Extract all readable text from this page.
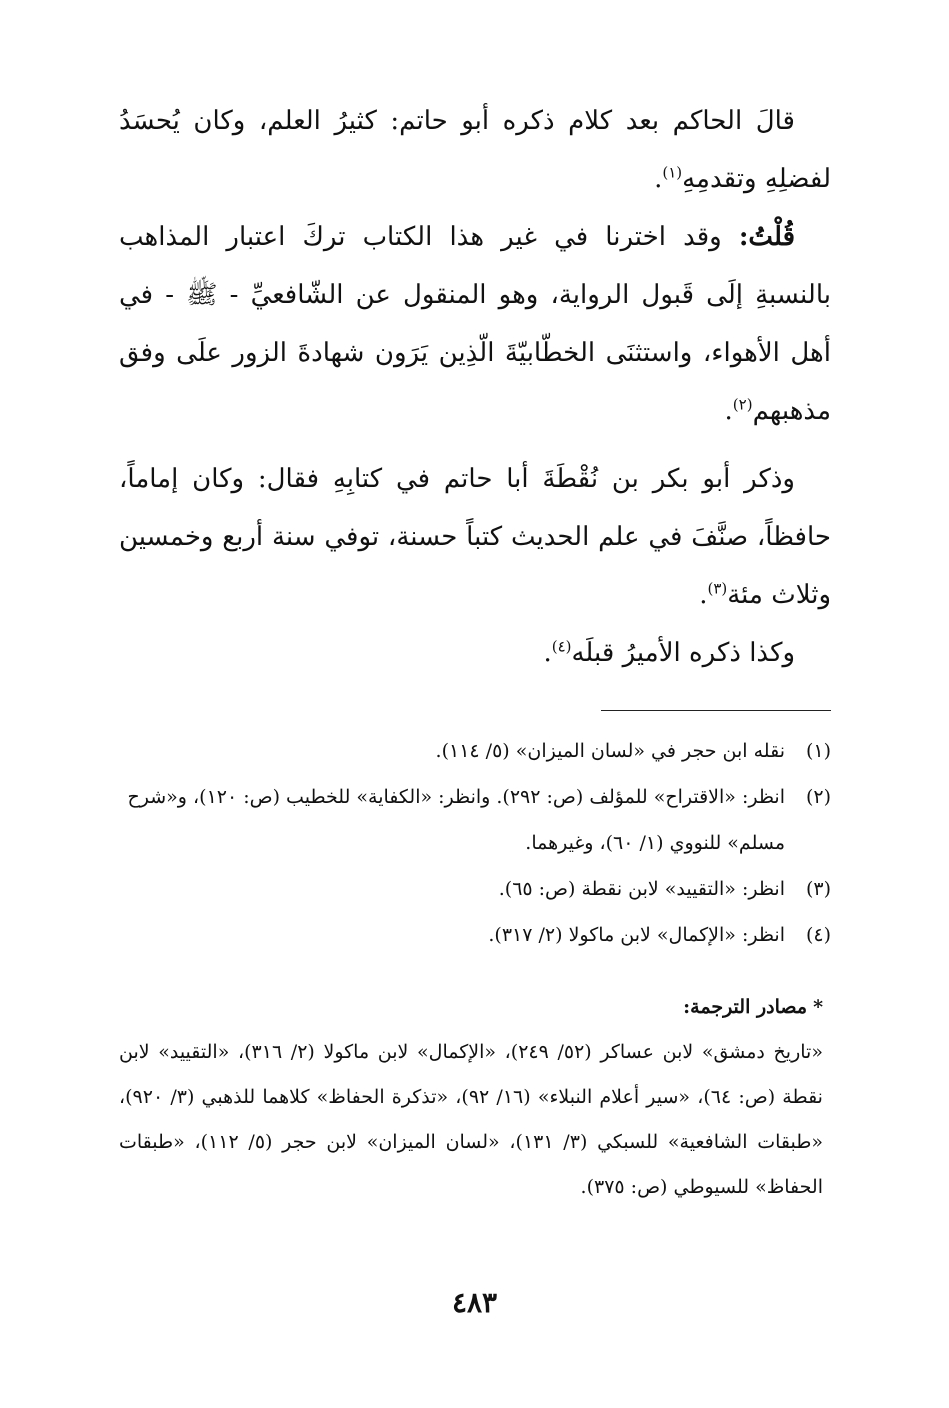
قالَ الحاكم بعد كلام ذكره أبو حاتم: كثيرُ العلم، وكان يُحسَدُ لفضلِهِ وتقدمِهِ$^{(١)}$.

قُلْتُ: وقد اخترنا في غير هذا الكتاب تركَ اعتبار المذاهب بالنسبةِ إلَى قَبول الرواية، وهو المنقول عن الشّافعيِّ - ﷺ - في أهل الأهواء، واستثنَى الخطّابيّةَ الّذِين يَرَون شهادةَ الزور علَى وفق مذهبهم$^{(٢)}$.

وذكر أبو بكر بن نُقْطَةَ أبا حاتم في كتابِهِ فقال: وكان إماماً، حافظاً، صنَّفَ في علم الحديث كتباً حسنة، توفي سنة أربع وخمسين وثلاث مئة$^{(٣)}$.

وكذا ذكره الأميرُ قبلَه$^{(٤)}$.

(١)
نقله ابن حجر في «لسان الميزان» (٥/ ١١٤).
(٢)
انظر: «الاقتراح» للمؤلف (ص: ٢٩٢). وانظر: «الكفاية» للخطيب (ص: ١٢٠)، و«شرح مسلم» للنووي (١/ ٦٠)، وغيرهما.
(٣)
انظر: «التقييد» لابن نقطة (ص: ٦٥).
(٤)
انظر: «الإكمال» لابن ماكولا (٢/ ٣١٧).
*مصادر الترجمة:
«تاريخ دمشق» لابن عساكر (٥٢/ ٢٤٩)، «الإكمال» لابن ماكولا (٢/ ٣١٦)، «التقييد» لابن نقطة (ص: ٦٤)، «سير أعلام النبلاء» (١٦/ ٩٢)، «تذكرة الحفاظ» كلاهما للذهبي (٣/ ٩٢٠)، «طبقات الشافعية» للسبكي (٣/ ١٣١)، «لسان الميزان» لابن حجر (٥/ ١١٢)، «طبقات الحفاظ» للسيوطي (ص: ٣٧٥).
٤٨٣
